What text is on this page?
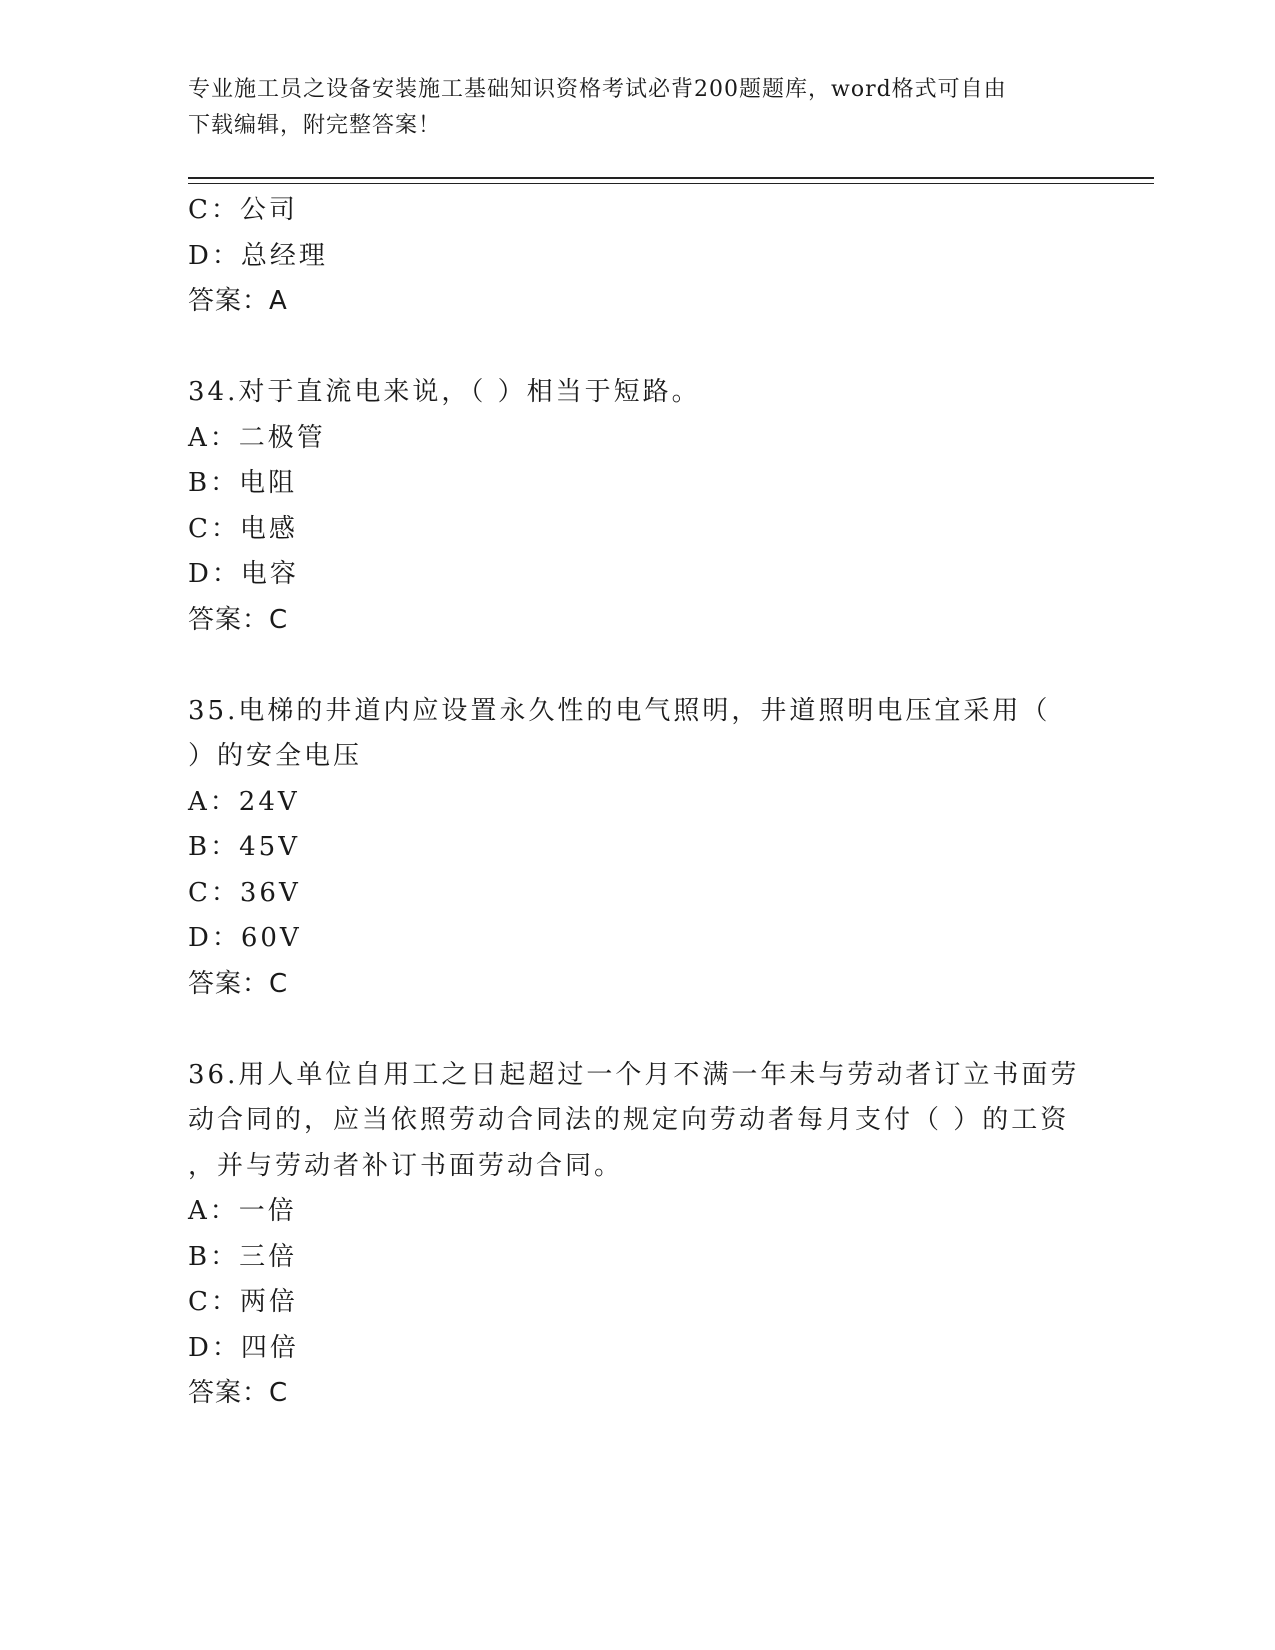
专业施工员之设备安装施工基础知识资格考试必背200题题库，word格式可自由
下载编辑，附完整答案！
C：公司
D：总经理
答案：A
34.对于直流电来说，（ ）相当于短路。
A：二极管
B：电阻
C：电感
D：电容
答案：C
35.电梯的井道内应设置永久性的电气照明，井道照明电压宜采用（
）的安全电压
A：24V
B：45V
C：36V
D：60V
答案：C
36.用人单位自用工之日起超过一个月不满一年未与劳动者订立书面劳
动合同的，应当依照劳动合同法的规定向劳动者每月支付（ ）的工资
，并与劳动者补订书面劳动合同。
A：一倍
B：三倍
C：两倍
D：四倍
答案：C
